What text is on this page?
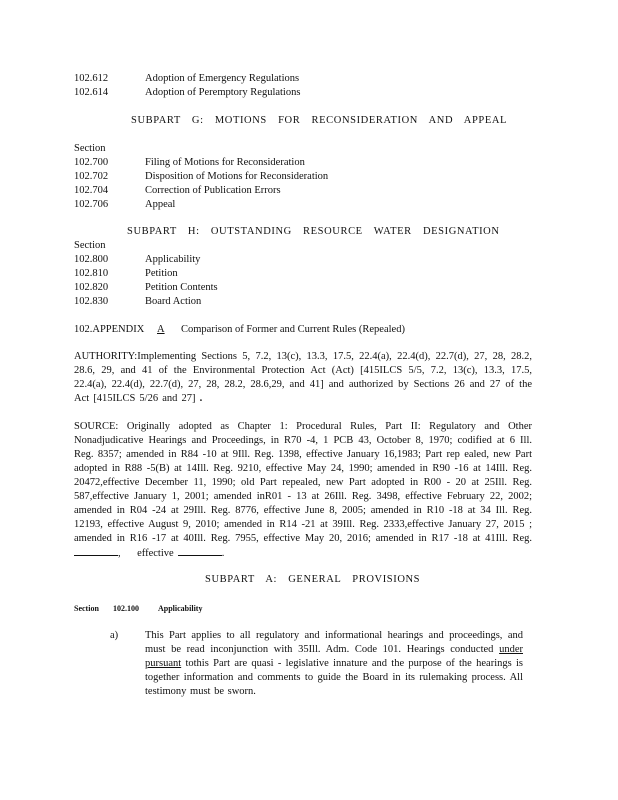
102.612	Adoption of Emergency Regulations
102.614	Adoption of Peremptory Regulations
SUBPART G: MOTIONS FOR RECONSIDERATION AND APPEAL
Section
102.700	Filing of Motions for Reconsideration
102.702	Disposition of Motions for Reconsideration
102.704	Correction of Publication Errors
102.706	Appeal
SUBPART H: OUTSTANDING RESOURCE WATER DESIGNATION
Section
102.800	Applicability
102.810	Petition
102.820	Petition Contents
102.830	Board Action
102.APPENDIX A Comparison of Former and Current Rules (Repealed)
AUTHORITY:Implementing Sections 5, 7.2, 13(c), 13.3, 17.5, 22.4(a), 22.4(d), 22.7(d), 27, 28, 28.2, 28.6, 29, and 41 of the Environmental Protection Act (Act) [415ILCS 5/5, 7.2, 13(c), 13.3, 17.5, 22.4(a), 22.4(d), 22.7(d), 27, 28, 28.2, 28.6,29, and 41] and authorized by Sections 26 and 27 of the Act [415ILCS 5/26 and 27] .
SOURCE: Originally adopted as Chapter 1: Procedural Rules, Part II: Regulatory and Other Nonadjudicative Hearings and Proceedings, in R70 -4, 1 PCB 43, October 8, 1970; codified at 6 Ill. Reg. 8357; amended in R84 -10 at 9Ill. Reg. 1398, effective January 16,1983; Part rep ealed, new Part adopted in R88 -5(B) at 14Ill. Reg. 9210, effective May 24, 1990; amended in R90 -16 at 14Ill. Reg. 20472,effective December 11, 1990; old Part repealed, new Part adopted in R00 - 20 at 25Ill. Reg. 587,effective January 1, 2001; amended inR01 - 13 at 26Ill. Reg. 3498, effective February 22, 2002; amended in R04 -24 at 29Ill. Reg. 8776, effective June 8, 2005; amended in R10 -18 at 34 Ill. Reg. 12193, effective August 9, 2010; amended in R14 -21 at 39Ill. Reg. 2333,effective January 27, 2015 ; amended in R16 -17 at 40Ill. Reg. 7955, effective May 20, 2016; amended in R17 -18 at 41Ill. Reg. ,    effective	.
SUBPART A: GENERAL PROVISIONS
Section 102.100 Applicability
a)	This Part applies to all regulatory and informational hearings and proceedings, and must be read inconjunction with 35Ill. Adm. Code 101. Hearings conducted under pursuant tothis Part are quasi - legislative innature and the purpose of the hearings is together information and comments to guide the Board in its rulemaking process. All testimony must be sworn.
